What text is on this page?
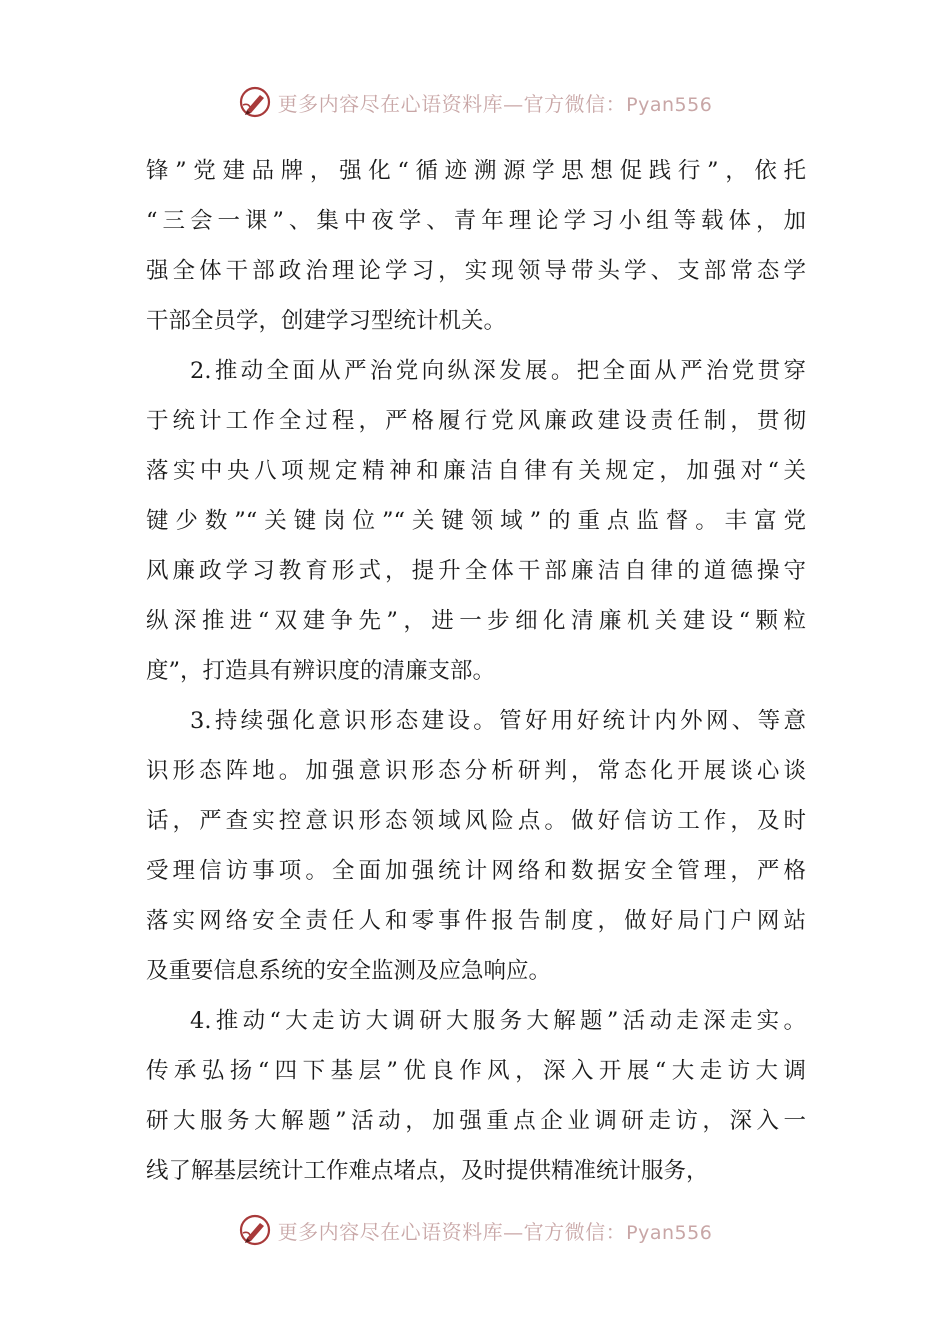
更多内容尽在心语资料库—官方微信：Pyan556
锋”党建品牌，强化“循迹溯源学思想促践行”，依托
“三会一课”、集中夜学、青年理论学习小组等载体，加
强全体干部政治理论学习，实现领导带头学、支部常态学
干部全员学，创建学习型统计机关。
2.推动全面从严治党向纵深发展。把全面从严治党贯穿
于统计工作全过程，严格履行党风廉政建设责任制，贯彻
落实中央八项规定精神和廉洁自律有关规定，加强对“关
键少数”“关键岗位”“关键领域”的重点监督。丰富党
风廉政学习教育形式，提升全体干部廉洁自律的道德操守
纵深推进“双建争先”，进一步细化清廉机关建设“颗粒
度”，打造具有辨识度的清廉支部。
3.持续强化意识形态建设。管好用好统计内外网、等意
识形态阵地。加强意识形态分析研判，常态化开展谈心谈
话，严查实控意识形态领域风险点。做好信访工作，及时
受理信访事项。全面加强统计网络和数据安全管理，严格
落实网络安全责任人和零事件报告制度，做好局门户网站
及重要信息系统的安全监测及应急响应。
4.推动“大走访大调研大服务大解题”活动走深走实。
传承弘扬“四下基层”优良作风，深入开展“大走访大调
研大服务大解题”活动，加强重点企业调研走访，深入一
线了解基层统计工作难点堵点，及时提供精准统计服务，
更多内容尽在心语资料库—官方微信：Pyan556
